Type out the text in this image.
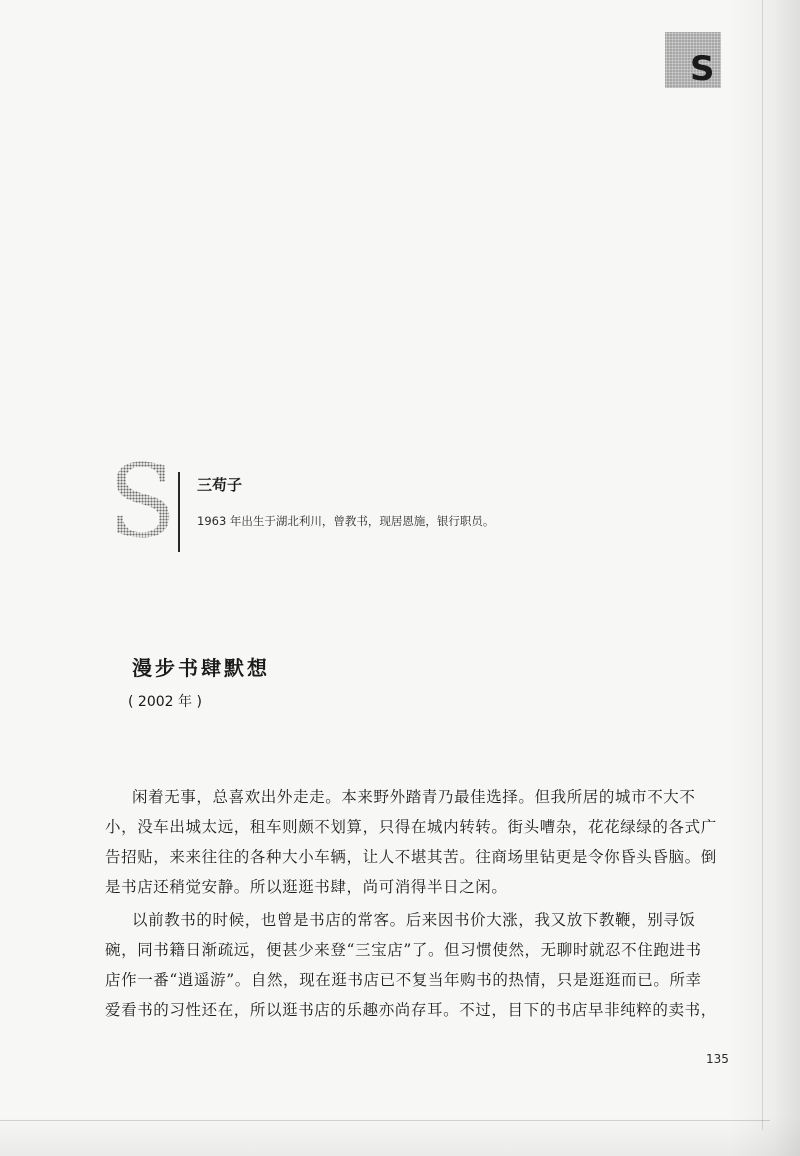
S
S 三苟子
1963 年出生于湖北利川，曾教书，现居恩施，银行职员。
漫步书肆默想
( 2002 年 )
闲着无事，总喜欢出外走走。本来野外踏青乃最佳选择。但我所居的城市不大不
小，没车出城太远，租车则颇不划算，只得在城内转转。街头嘈杂，花花绿绿的各式广
告招贴，来来往往的各种大小车辆，让人不堪其苦。往商场里钻更是令你昏头昏脑。倒
是书店还稍觉安静。所以逛逛书肆，尚可消得半日之闲。
以前教书的时候，也曾是书店的常客。后来因书价大涨，我又放下教鞭，别寻饭
碗，同书籍日渐疏远，便甚少来登“三宝店”了。但习惯使然，无聊时就忍不住跑进书
店作一番“逍遥游”。自然，现在逛书店已不复当年购书的热情，只是逛逛而已。所幸
爱看书的习性还在，所以逛书店的乐趣亦尚存耳。不过，目下的书店早非纯粹的卖书，
135
